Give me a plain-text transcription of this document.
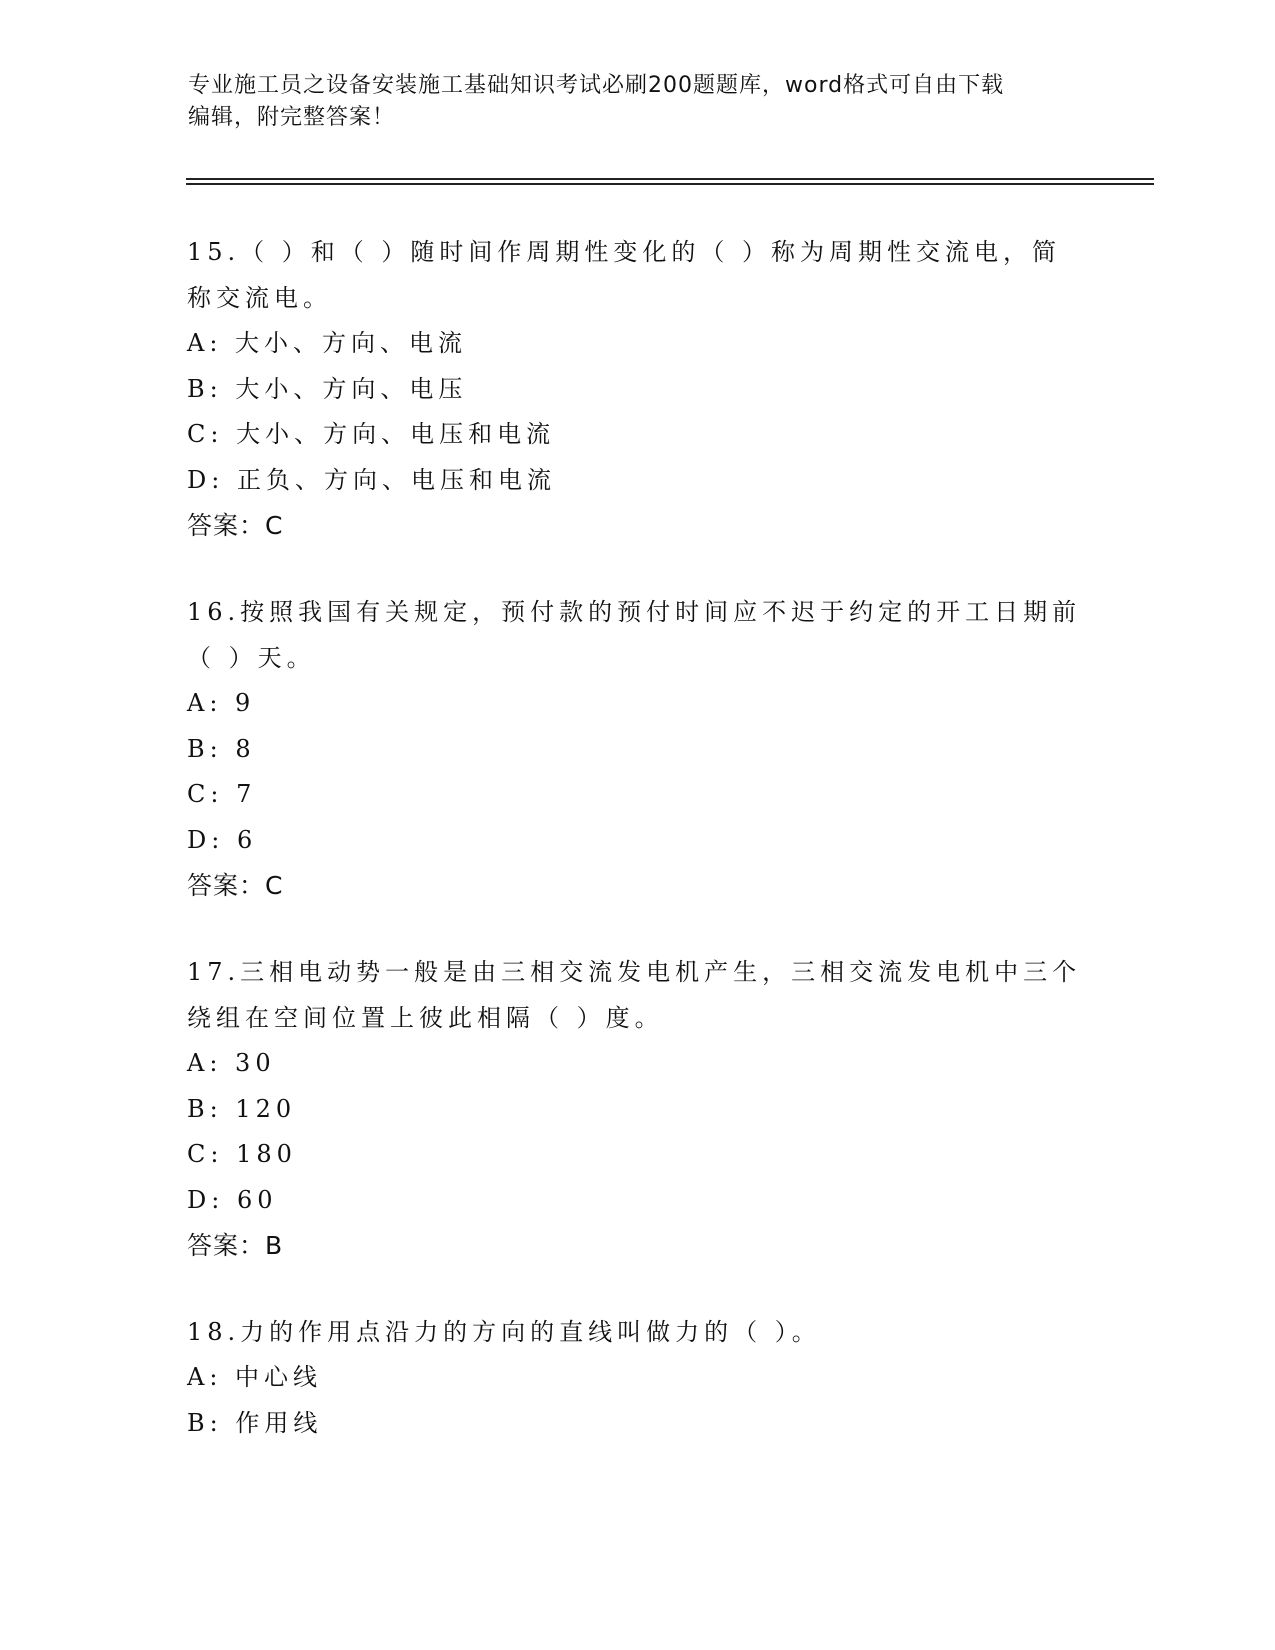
专业施工员之设备安装施工基础知识考试必刷200题题库，word格式可自由下载
编辑，附完整答案！

15.（ ）和（ ）随时间作周期性变化的（ ）称为周期性交流电，简称交流电。

A: 大小、方向、电流

B: 大小、方向、电压

C: 大小、方向、电压和电流

D: 正负、方向、电压和电流

答案：C

16.按照我国有关规定，预付款的预付时间应不迟于约定的开工日期前（ ）天。

A: 9

B: 8

C: 7

D: 6

答案：C

17.三相电动势一般是由三相交流发电机产生，三相交流发电机中三个绕组在空间位置上彼此相隔（ ）度。

A: 30

B: 120

C: 180

D: 60

答案：B

18.力的作用点沿力的方向的直线叫做力的（ ）。

A: 中心线

B: 作用线
